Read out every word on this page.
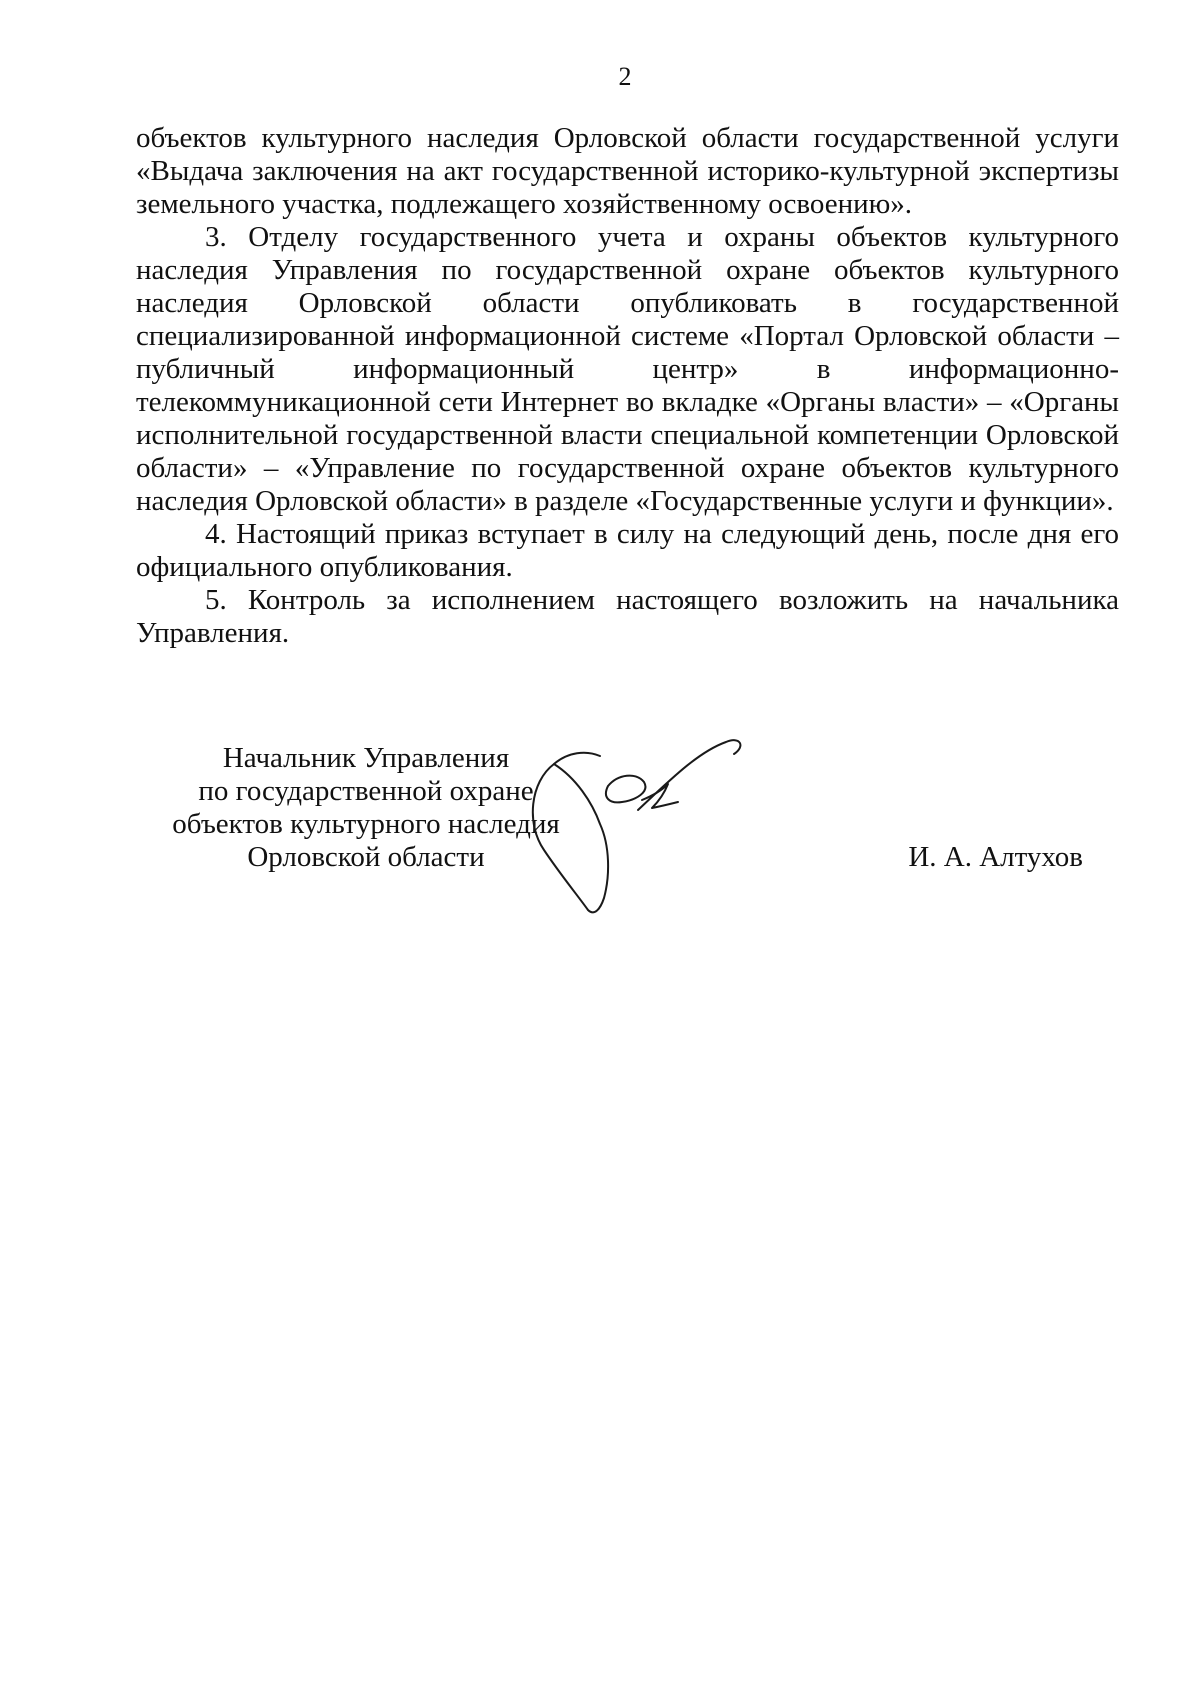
2

объектов культурного наследия Орловской области государственной услуги «Выдача заключения на акт государственной историко-культурной экспертизы земельного участка, подлежащего хозяйственному освоению».

3. Отделу государственного учета и охраны объектов культурного наследия Управления по государственной охране объектов культурного наследия Орловской области опубликовать в государственной специализированной информационной системе «Портал Орловской области – публичный информационный центр» в информационно-телекоммуникационной сети Интернет во вкладке «Органы власти» – «Органы исполнительной государственной власти специальной компетенции Орловской области» – «Управление по государственной охране объектов культурного наследия Орловской области» в разделе «Государственные услуги и функции».

4. Настоящий приказ вступает в силу на следующий день, после дня его официального опубликования.

5. Контроль за исполнением настоящего возложить на начальника Управления.

Начальник Управления
по государственной охране
объектов культурного наследия
Орловской области	И. А. Алтухов
